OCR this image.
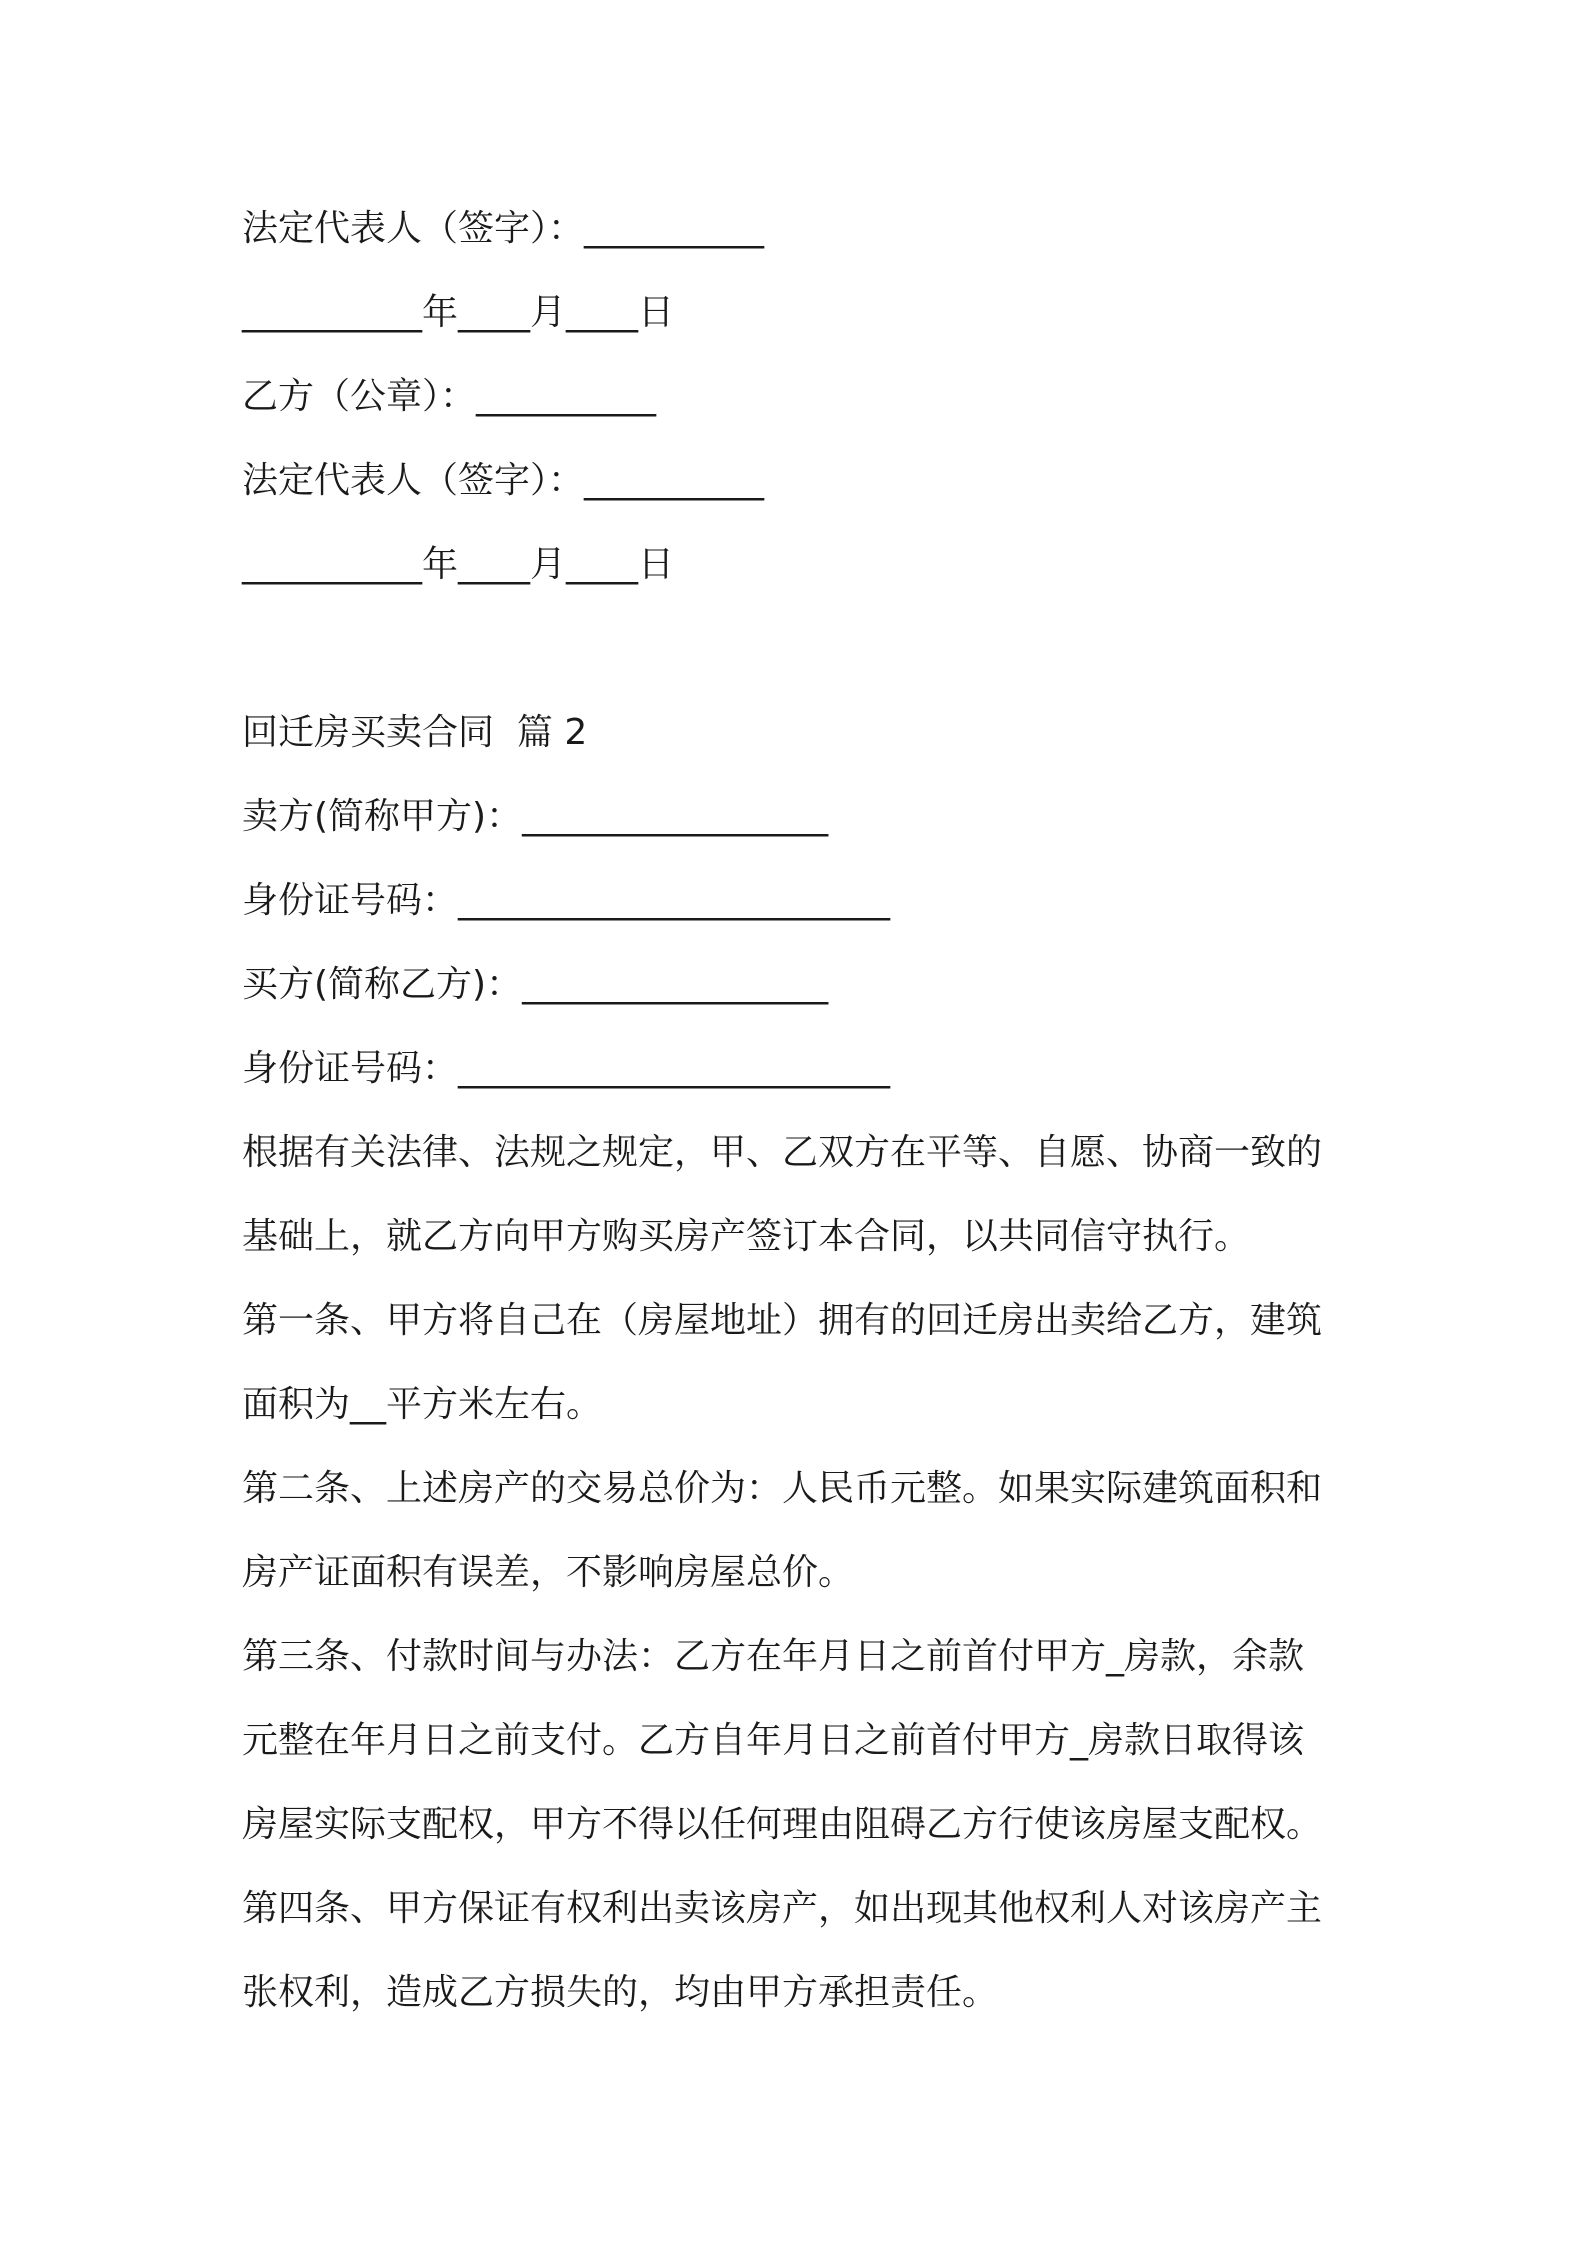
法定代表人（签字）：__________
__________年____月____日
乙方（公章）：__________
法定代表人（签字）：__________
__________年____月____日
回迁房买卖合同  篇 2
卖方(简称甲方)：_________________
身份证号码：________________________
买方(简称乙方)：_________________
身份证号码：________________________
根据有关法律、法规之规定，甲、乙双方在平等、自愿、协商一致的
基础上，就乙方向甲方购买房产签订本合同，以共同信守执行。
第一条、甲方将自己在（房屋地址）拥有的回迁房出卖给乙方，建筑
面积为__平方米左右。
第二条、上述房产的交易总价为：人民币元整。如果实际建筑面积和
房产证面积有误差，不影响房屋总价。
第三条、付款时间与办法：乙方在年月日之前首付甲方_房款，余款
元整在年月日之前支付。乙方自年月日之前首付甲方_房款日取得该
房屋实际支配权，甲方不得以任何理由阻碍乙方行使该房屋支配权。
第四条、甲方保证有权利出卖该房产，如出现其他权利人对该房产主
张权利，造成乙方损失的，均由甲方承担责任。
